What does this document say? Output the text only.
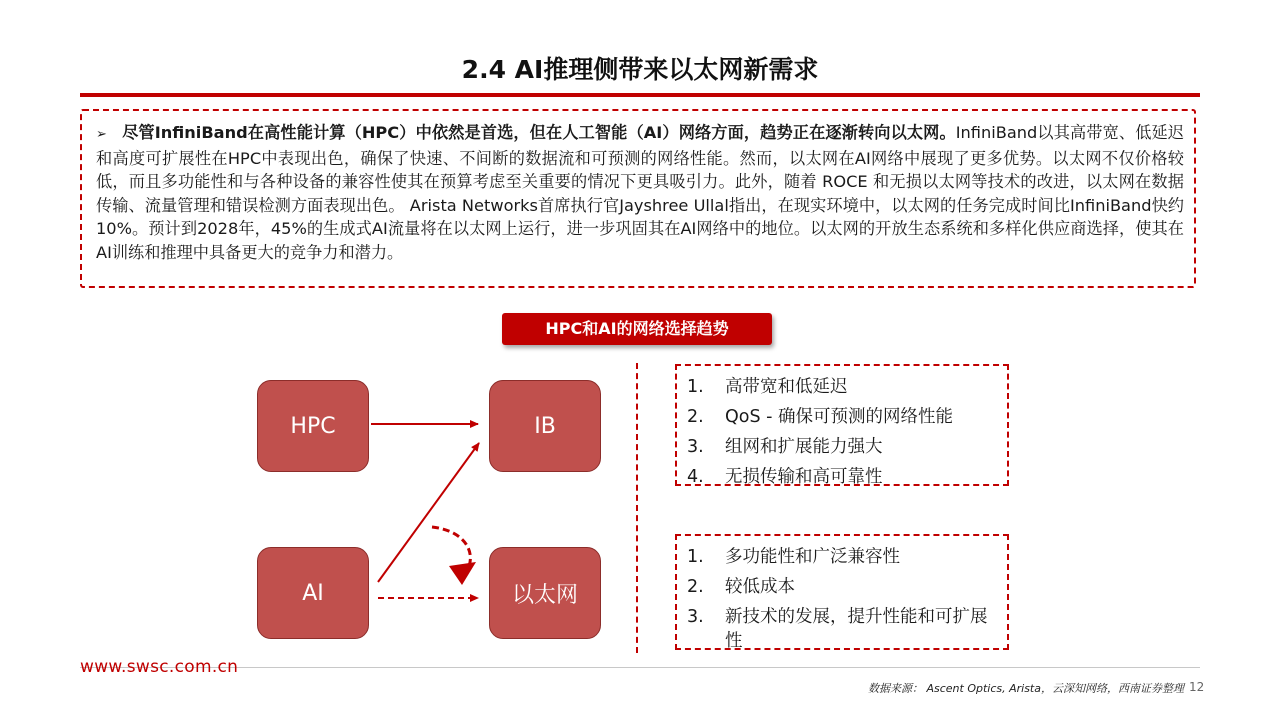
2.4 AI推理侧带来以太网新需求
➢ 尽管InfiniBand在高性能计算（HPC）中依然是首选，但在人工智能（AI）网络方面，趋势正在逐渐转向以太网。InfiniBand以其高带宽、低延迟和高度可扩展性在HPC中表现出色，确保了快速、不间断的数据流和可预测的网络性能。然而，以太网在AI网络中展现了更多优势。以太网不仅价格较低，而且多功能性和与各种设备的兼容性使其在预算考虑至关重要的情况下更具吸引力。此外，随着 ROCE 和无损以太网等技术的改进，以太网在数据传输、流量管理和错误检测方面表现出色。 Arista Networks首席执行官Jayshree Ullal指出，在现实环境中，以太网的任务完成时间比InfiniBand快约10%。预计到2028年，45%的生成式AI流量将在以太网上运行，进一步巩固其在AI网络中的地位。以太网的开放生态系统和多样化供应商选择，使其在AI训练和推理中具备更大的竞争力和潜力。
HPC和AI的网络选择趋势
HPC	IB
AI	以太网
1.	高带宽和低延迟
2.	QoS - 确保可预测的网络性能
3.	组网和扩展能力强大
4.	无损传输和高可靠性
1.	多功能性和广泛兼容性
2.	较低成本
3.	新技术的发展，提升性能和可扩展性
www.swsc.com.cn
数据来源： Ascent Optics, Arista，云深知网络，西南证券整理 12
